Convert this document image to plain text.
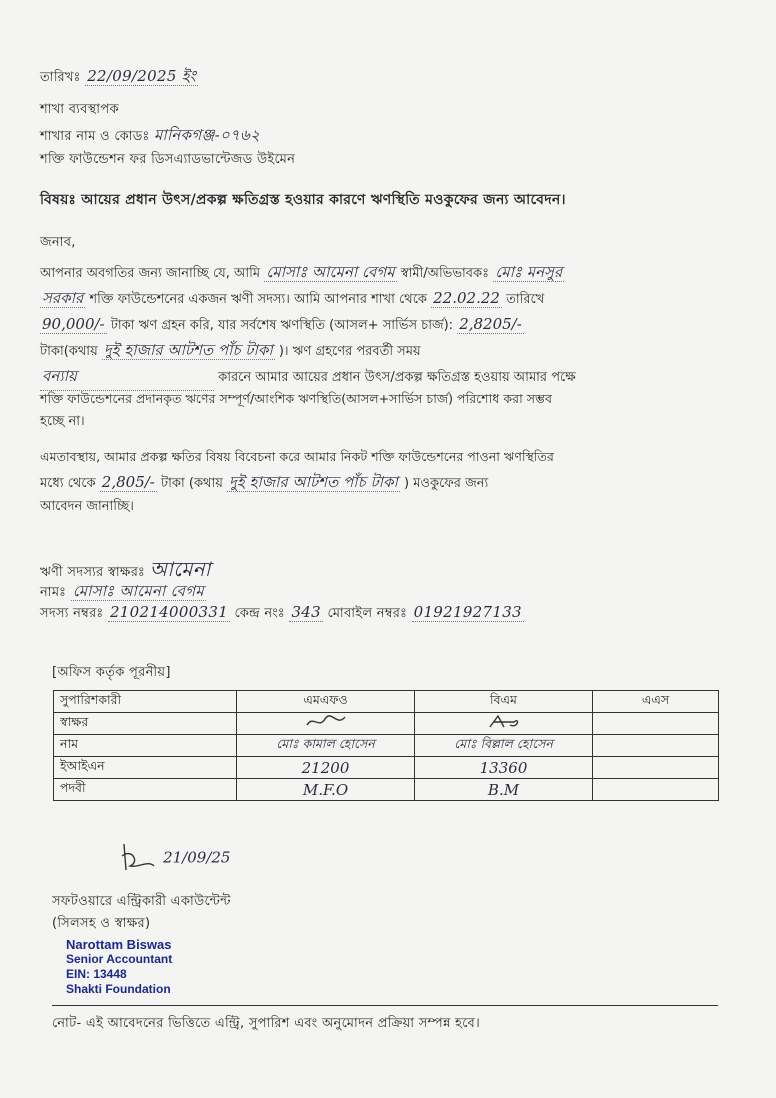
তারিখঃ 22/09/2025 ইং
শাখা ব্যবস্থাপক
শাখার নাম ও কোডঃ মানিকগঞ্জ-০৭৬২
শক্তি ফাউন্ডেশন ফর ডিসএ্যাডভান্টেজড উইমেন
বিষয়ঃ আয়ের প্রধান উৎস/প্রকল্প ক্ষতিগ্রস্ত হওয়ার কারণে ঋণস্থিতি মওকুফের জন্য আবেদন।
জনাব,
আপনার অবগতির জন্য জানাচ্ছি যে, আমি মোসাঃ আমেনা বেগম স্বামী/অভিভাবকঃ মোঃ মনসুর
সরকার শক্তি ফাউন্ডেশনের একজন ঋণী সদস্য। আমি আপনার শাখা থেকে 22.02.22 তারিখে
90,000/- টাকা ঋণ গ্রহন করি, যার সর্বশেষ ঋণস্থিতি (আসল+ সার্ভিস চার্জ): 2,8205/-
টাকা(কথায় দুই হাজার আটশত পাঁচ টাকা )। ঋণ গ্রহণের পরবর্তী সময়
বন্যায়	কারনে আমার আয়ের প্রধান উৎস/প্রকল্প ক্ষতিগ্রস্ত হওয়ায় আমার পক্ষে
শক্তি ফাউন্ডেশনের প্রদানকৃত ঋণের সম্পূর্ণ/আংশিক ঋণস্থিতি(আসল+সার্ভিস চার্জ) পরিশোধ করা সম্ভব
হচ্ছে না।
এমতাবস্থায়, আমার প্রকল্প ক্ষতির বিষয় বিবেচনা করে আমার নিকট শক্তি ফাউন্ডেশনের পাওনা ঋণস্থিতির
মধ্যে থেকে 2,805/- টাকা (কথায় দুই হাজার আটশত পাঁচ টাকা ) মওকুফের জন্য
আবেদন জানাচ্ছি।
ঋণী সদস্যর স্বাক্ষরঃ আমেনা
নামঃ মোসাঃ আমেনা বেগম
সদস্য নম্বরঃ 210214000331 কেন্দ্র নংঃ 343 মোবাইল নম্বরঃ 01921927133
[অফিস কর্তৃক পূরনীয়]
সুপারিশকারী	এমএফও	বিএম	এএস
স্বাক্ষর			
নাম	মোঃ কামাল হোসেন	মোঃ বিল্লাল হোসেন	
ইআইএন	21200	13360	
পদবী	M.F.O	B.M	
21/09/25
সফটওয়ারে এন্ট্রিকারী একাউন্টেন্ট
(সিলসহ ও স্বাক্ষর)
Narottam Biswas
Senior Accountant
EIN: 13448
Shakti Foundation
নোট- এই আবেদনের ভিত্তিতে এন্ট্রি, সুপারিশ এবং অনুমোদন প্রক্রিয়া সম্পন্ন হবে।
